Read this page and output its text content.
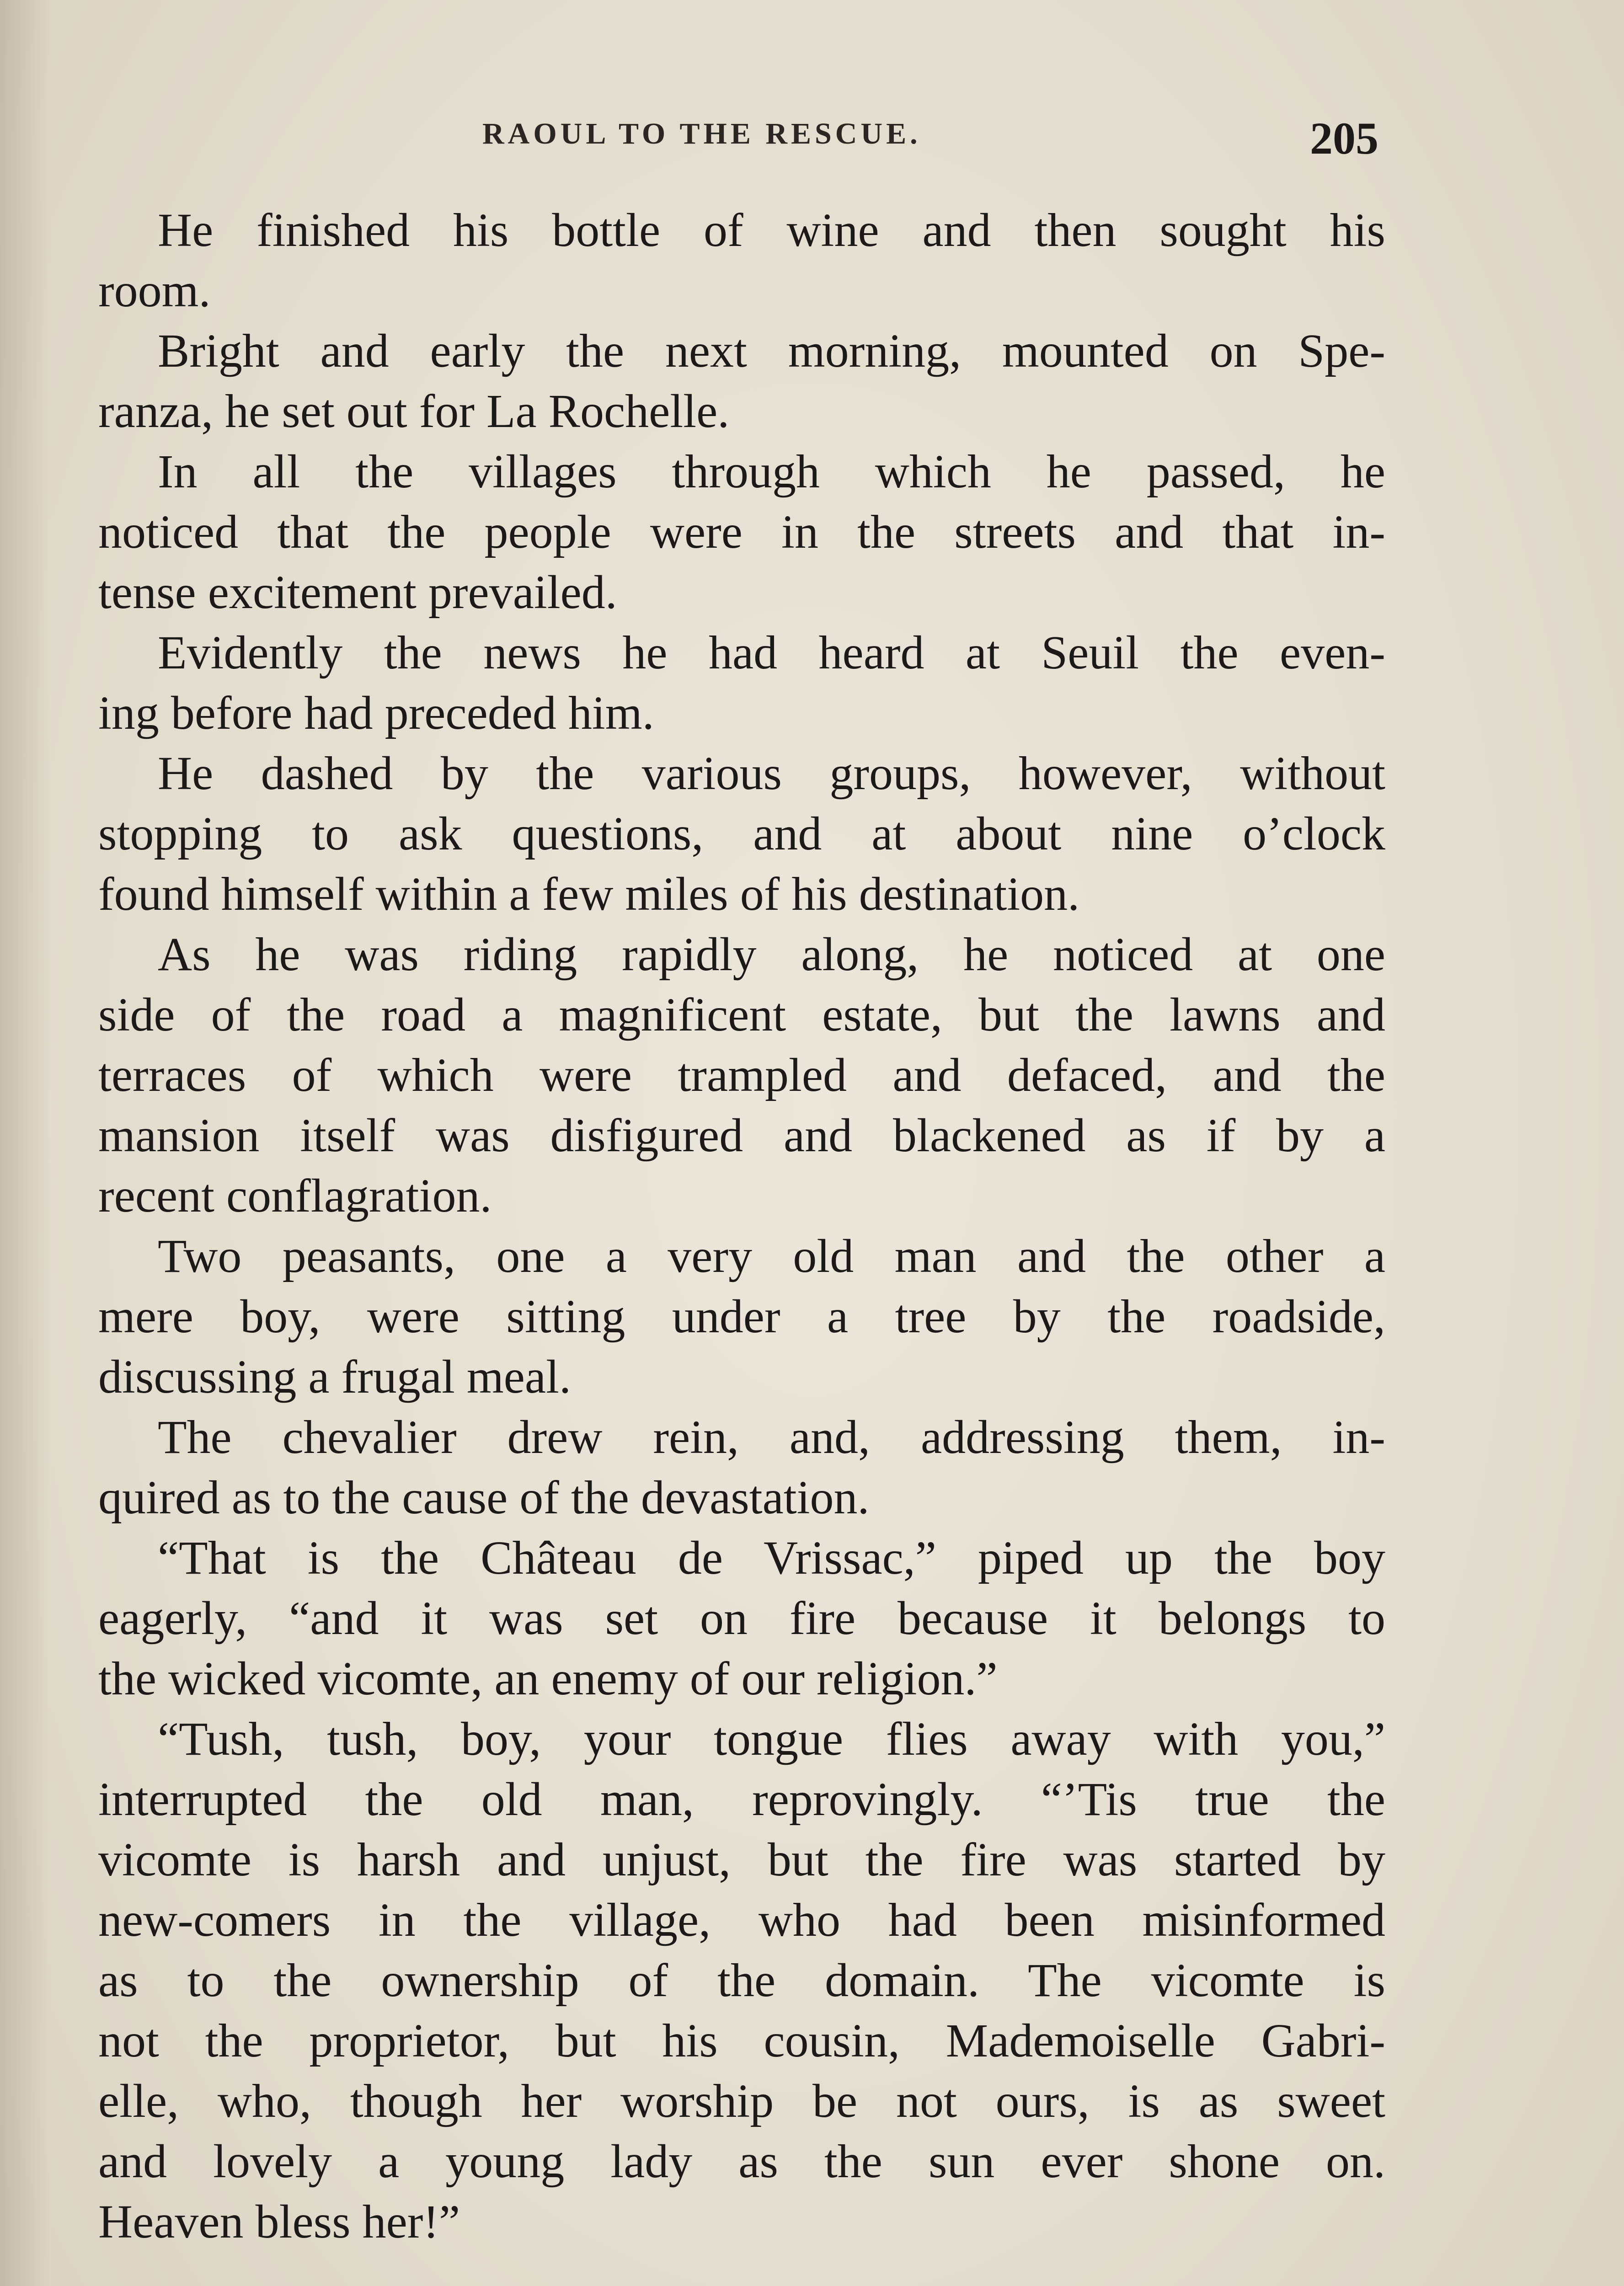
RAOUL TO THE RESCUE.	205
He finished his bottle of wine and then sought his
room.
Bright and early the next morning, mounted on Spe-
ranza, he set out for La Rochelle.
In all the villages through which he passed, he
noticed that the people were in the streets and that in-
tense excitement prevailed.
Evidently the news he had heard at Seuil the even-
ing before had preceded him.
He dashed by the various groups, however, without
stopping to ask questions, and at about nine o’clock
found himself within a few miles of his destination.
As he was riding rapidly along, he noticed at one
side of the road a magnificent estate, but the lawns and
terraces of which were trampled and defaced, and the
mansion itself was disfigured and blackened as if by a
recent conflagration.
Two peasants, one a very old man and the other a
mere boy, were sitting under a tree by the roadside,
discussing a frugal meal.
The chevalier drew rein, and, addressing them, in-
quired as to the cause of the devastation.
“That is the Château de Vrissac,” piped up the boy
eagerly, “and it was set on fire because it belongs to
the wicked vicomte, an enemy of our religion.”
“Tush, tush, boy, your tongue flies away with you,”
interrupted the old man, reprovingly. “’Tis true the
vicomte is harsh and unjust, but the fire was started by
new-comers in the village, who had been misinformed
as to the ownership of the domain. The vicomte is
not the proprietor, but his cousin, Mademoiselle Gabri-
elle, who, though her worship be not ours, is as sweet
and lovely a young lady as the sun ever shone on.
Heaven bless her!”
